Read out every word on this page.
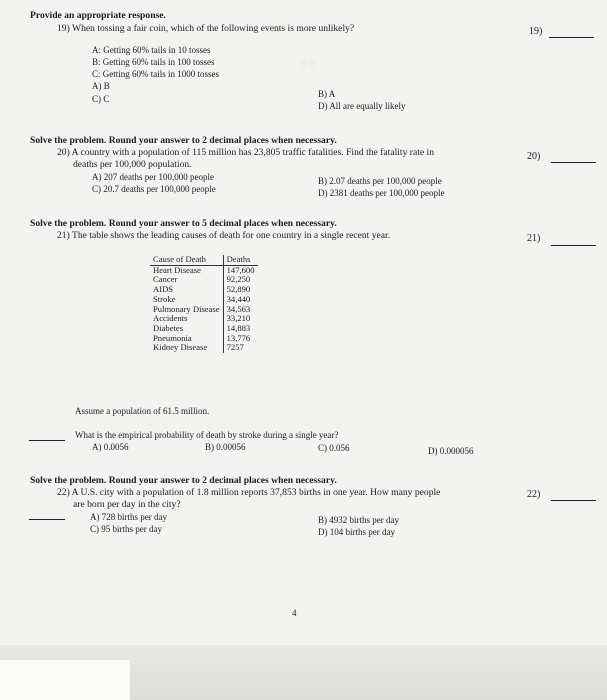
░ ░
Provide an appropriate response.
19) When tossing a fair coin, which of the following events is more unlikely?	19)
A: Getting 60% tails in 10 tosses
B: Getting 60% tails in 100 tosses
C: Getting 60% tails in 1000 tosses
A) B
B) A
C) C
D) All are equally likely
Solve the problem. Round your answer to 2 decimal places when necessary.
20) A country with a population of 115 million has 23,805 traffic fatalities. Find the fatality rate in
deaths per 100,000 population.
20)
A) 207 deaths per 100,000 people	B) 2.07 deaths per 100,000 people
C) 20.7 deaths per 100,000 people	D) 2381 deaths per 100,000 people
Solve the problem. Round your answer to 5 decimal places when necessary.
21) The table shows the leading causes of death for one country in a single recent year.	21)
Cause of Death	Deaths
Heart Disease	147,600
Cancer	92,250
AIDS	52,890
Stroke	34,440
Pulmonary Disease	34,563
Accidents	33,210
Diabetes	14,883
Pneumonia	13,776
Kidney Disease	7257
Assume a population of 61.5 million.
What is the empirical probability of death by stroke during a single year?
A) 0.0056	B) 0.00056	C) 0.056	D) 0.000056
Solve the problem. Round your answer to 2 decimal places when necessary.
22) A U.S. city with a population of 1.8 million reports 37,853 births in one year. How many people
are born per day in the city?
22)
A) 728 births per day	B) 4932 births per day
C) 95 births per day	D) 104 births per day
4
